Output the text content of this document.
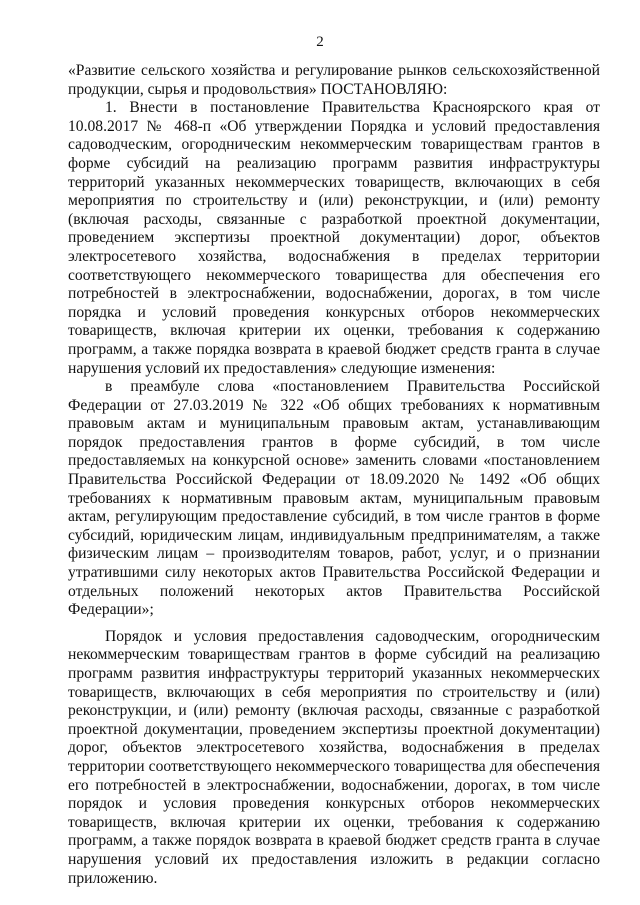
2

«Развитие сельского хозяйства и регулирование рынков сельскохозяйственной продукции, сырья и продовольствия» ПОСТАНОВЛЯЮ:

1. Внести в постановление Правительства Красноярского края от 10.08.2017 № 468-п «Об утверждении Порядка и условий предоставления садоводческим, огородническим некоммерческим товариществам грантов в форме субсидий на реализацию программ развития инфраструктуры территорий указанных некоммерческих товариществ, включающих в себя мероприятия по строительству и (или) реконструкции, и (или) ремонту (включая расходы, связанные с разработкой проектной документации, проведением экспертизы проектной документации) дорог, объектов электросетевого хозяйства, водоснабжения в пределах территории соответствующего некоммерческого товарищества для обеспечения его потребностей в электроснабжении, водоснабжении, дорогах, в том числе порядка и условий проведения конкурсных отборов некоммерческих товариществ, включая критерии их оценки, требования к содержанию программ, а также порядка возврата в краевой бюджет средств гранта в случае нарушения условий их предоставления» следующие изменения:

в преамбуле слова «постановлением Правительства Российской Федерации от 27.03.2019 № 322 «Об общих требованиях к нормативным правовым актам и муниципальным правовым актам, устанавливающим порядок предоставления грантов в форме субсидий, в том числе предоставляемых на конкурсной основе» заменить словами «постановлением Правительства Российской Федерации от 18.09.2020 № 1492 «Об общих требованиях к нормативным правовым актам, муниципальным правовым актам, регулирующим предоставление субсидий, в том числе грантов в форме субсидий, юридическим лицам, индивидуальным предпринимателям, а также физическим лицам – производителям товаров, работ, услуг, и о признании утратившими силу некоторых актов Правительства Российской Федерации и отдельных положений некоторых актов Правительства Российской Федерации»;

Порядок и условия предоставления садоводческим, огородническим некоммерческим товариществам грантов в форме субсидий на реализацию программ развития инфраструктуры территорий указанных некоммерческих товариществ, включающих в себя мероприятия по строительству и (или) реконструкции, и (или) ремонту (включая расходы, связанные с разработкой проектной документации, проведением экспертизы проектной документации) дорог, объектов электросетевого хозяйства, водоснабжения в пределах территории соответствующего некоммерческого товарищества для обеспечения его потребностей в электроснабжении, водоснабжении, дорогах, в том числе порядок и условия проведения конкурсных отборов некоммерческих товариществ, включая критерии их оценки, требования к содержанию программ, а также порядок возврата в краевой бюджет средств гранта в случае нарушения условий их предоставления изложить в редакции согласно приложению.
